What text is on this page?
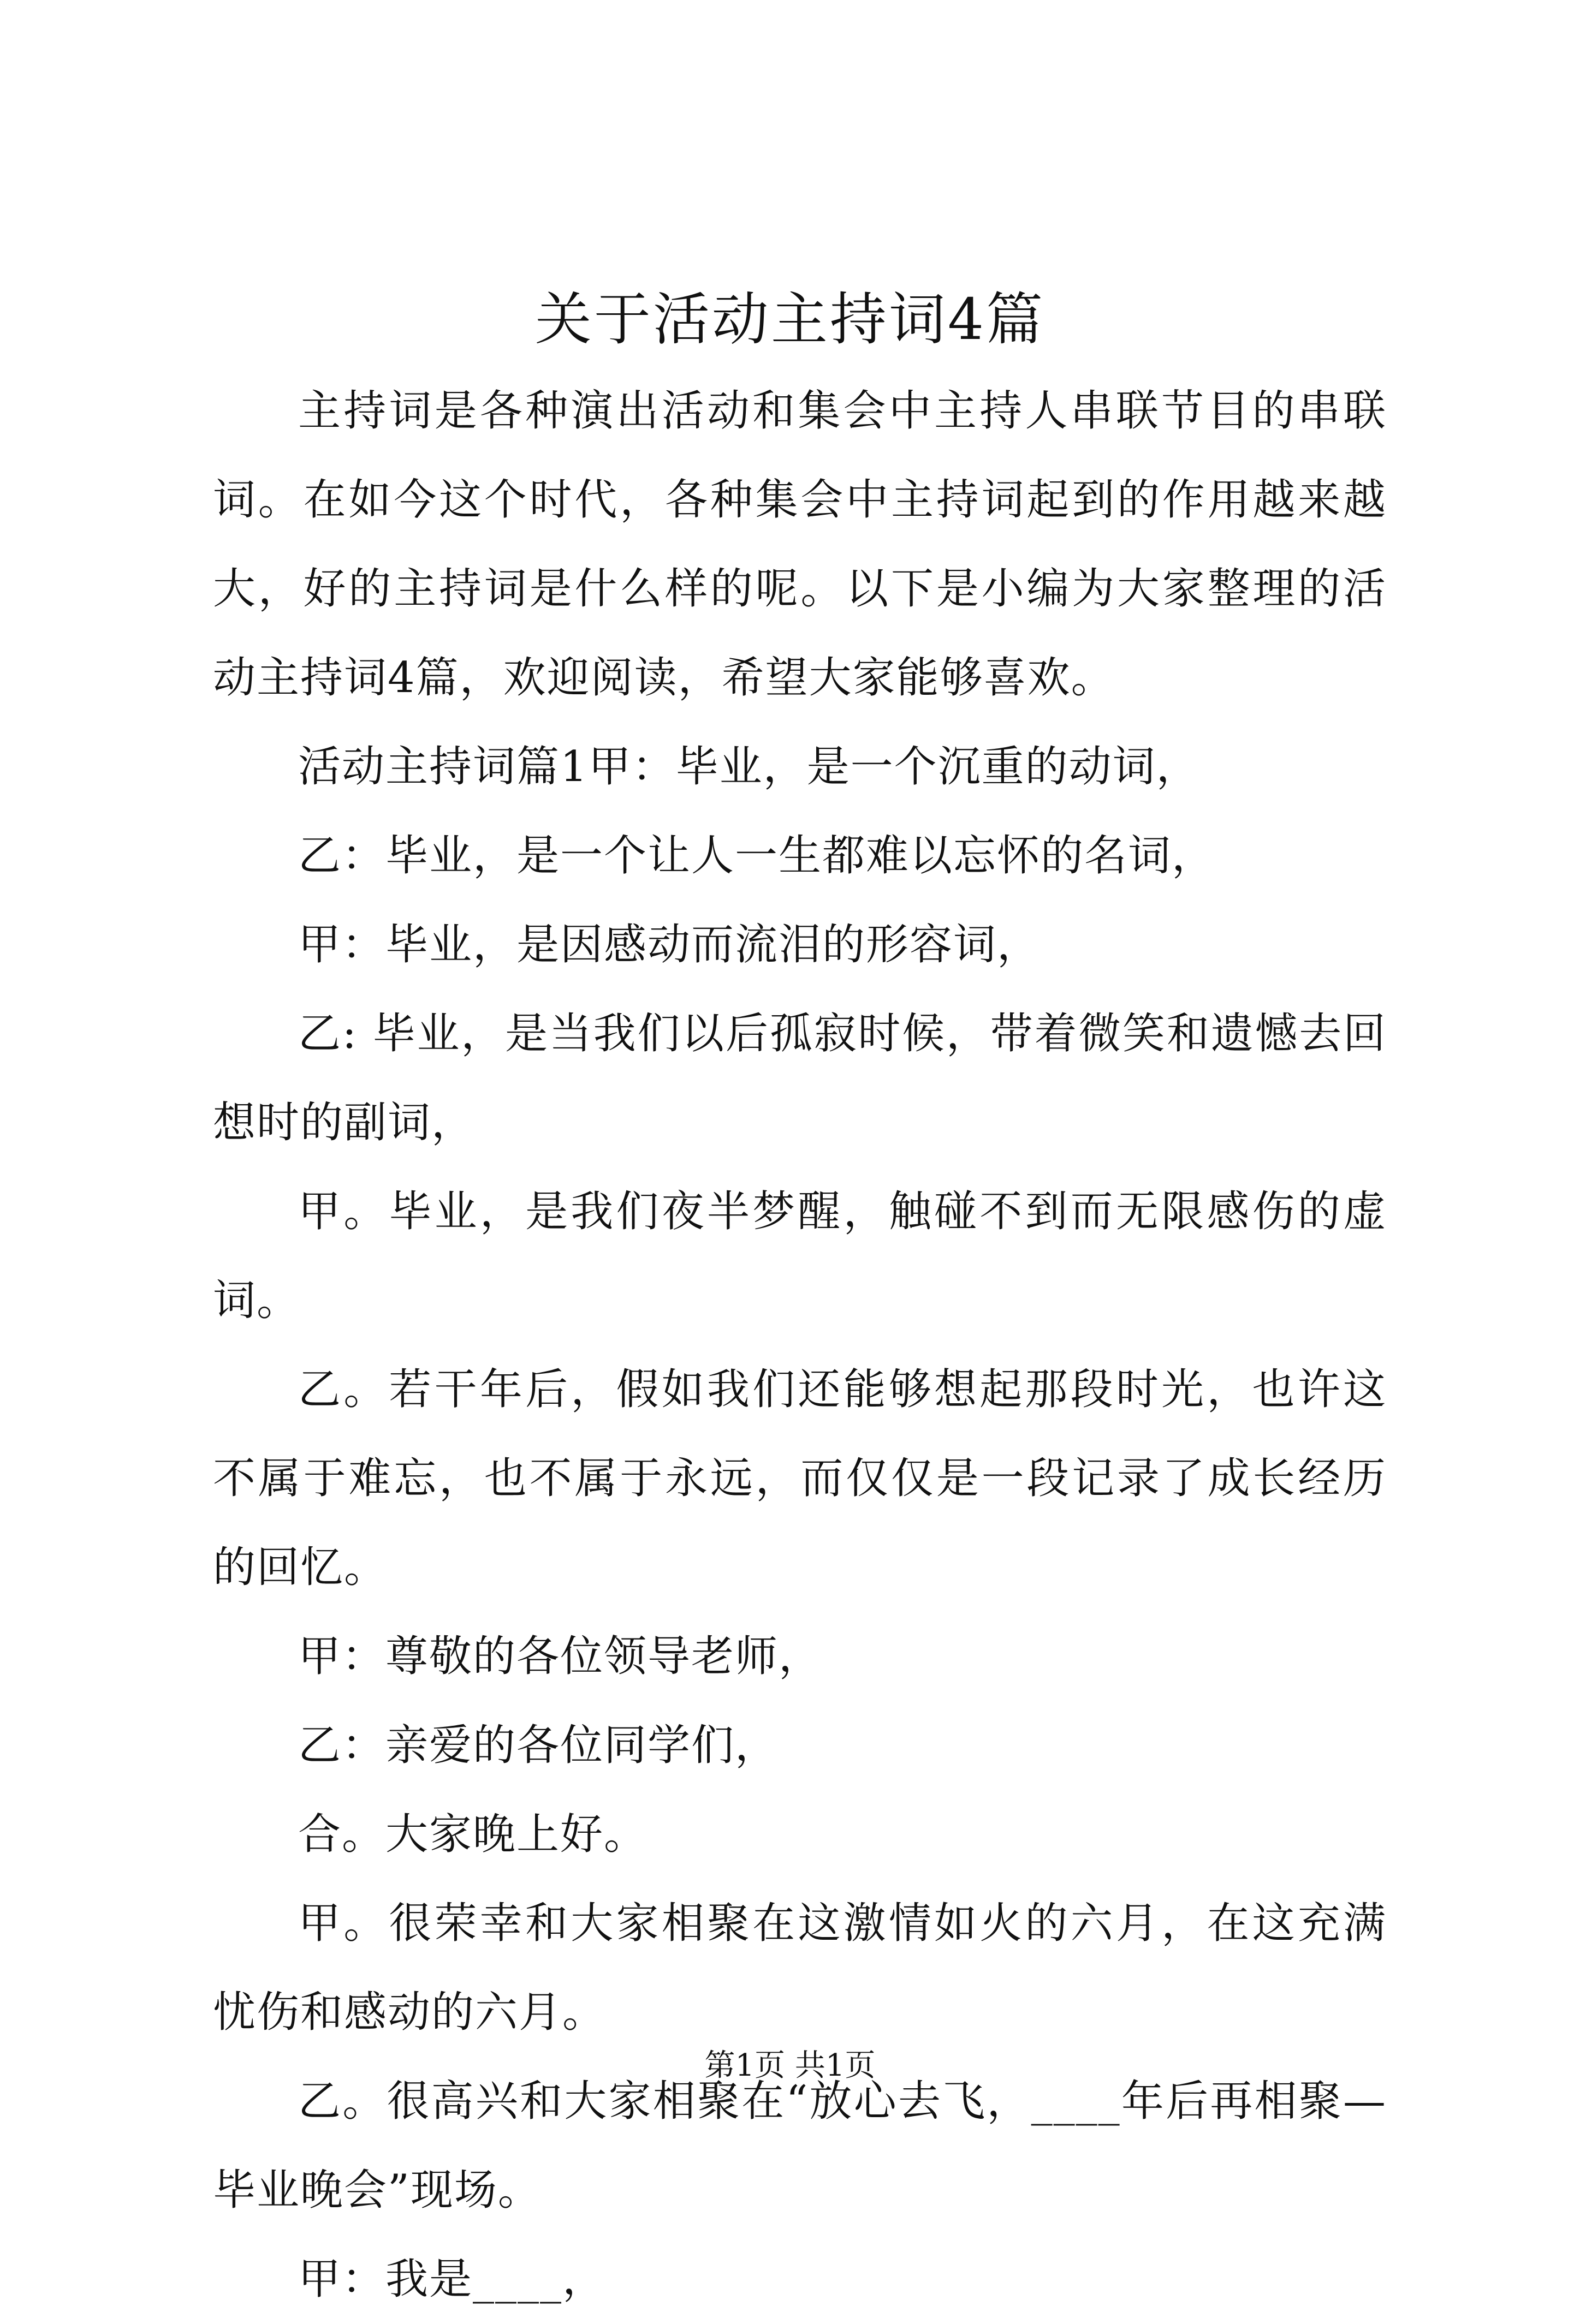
关于活动主持词4篇

主持词是各种演出活动和集会中主持人串联节目的串联词。在如今这个时代，各种集会中主持词起到的作用越来越大，好的主持词是什么样的呢。以下是小编为大家整理的活动主持词4篇，欢迎阅读，希望大家能够喜欢。

活动主持词篇1甲：毕业，是一个沉重的动词，

乙：毕业，是一个让人一生都难以忘怀的名词，

甲：毕业，是因感动而流泪的形容词，

乙: 毕业，是当我们以后孤寂时候，带着微笑和遗憾去回想时的副词，

甲。毕业，是我们夜半梦醒，触碰不到而无限感伤的虚词。

乙。若干年后，假如我们还能够想起那段时光，也许这不属于难忘，也不属于永远，而仅仅是一段记录了成长经历的回忆。

甲：尊敬的各位领导老师，

乙：亲爱的各位同学们，

合。大家晚上好。

甲。很荣幸和大家相聚在这激情如火的六月，在这充满忧伤和感动的六月。

乙。很高兴和大家相聚在“放心去飞，____年后再相聚—毕业晚会”现场。

甲：我是____，

第1页 共1页
